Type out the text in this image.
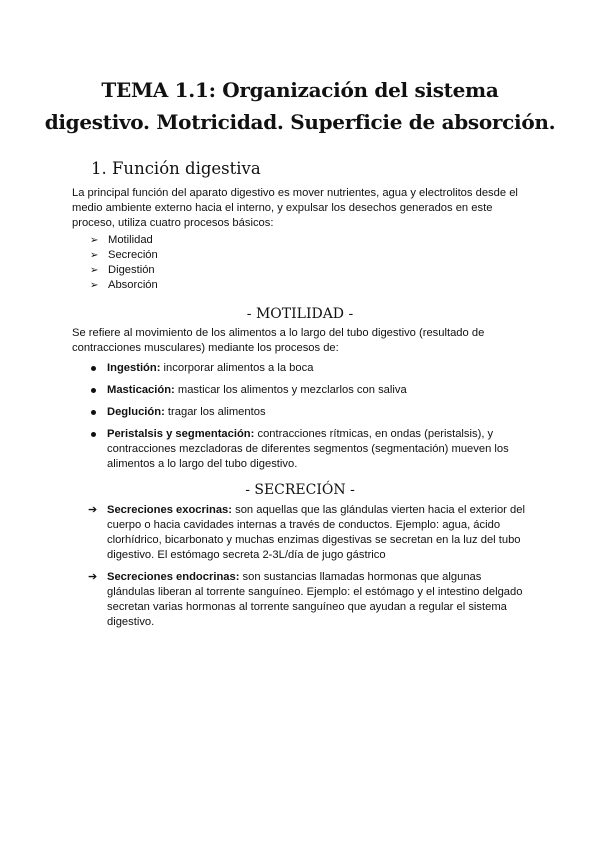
TEMA 1.1: Organización del sistema
digestivo. Motricidad. Superficie de absorción.
1. Función digestiva
La principal función del aparato digestivo es mover nutrientes, agua y electrolitos desde el
medio ambiente externo hacia el interno, y expulsar los desechos generados en este
proceso, utiliza cuatro procesos básicos:
➢ Motilidad
➢ Secreción
➢ Digestión
➢ Absorción
- MOTILIDAD -
Se refiere al movimiento de los alimentos a lo largo del tubo digestivo (resultado de
contracciones musculares) mediante los procesos de:
Ingestión: incorporar alimentos a la boca
Masticación: masticar los alimentos y mezclarlos con saliva
Deglución: tragar los alimentos
Peristalsis y segmentación: contracciones rítmicas, en ondas (peristalsis), y
contracciones mezcladoras de diferentes segmentos (segmentación) mueven los
alimentos a lo largo del tubo digestivo.
- SECRECIÓN -
➔ Secreciones exocrinas: son aquellas que las glándulas vierten hacia el exterior del
cuerpo o hacia cavidades internas a través de conductos. Ejemplo: agua, ácido
clorhídrico, bicarbonato y muchas enzimas digestivas se secretan en la luz del tubo
digestivo. El estómago secreta 2-3L/día de jugo gástrico
➔ Secreciones endocrinas: son sustancias llamadas hormonas que algunas
glándulas liberan al torrente sanguíneo. Ejemplo: el estómago y el intestino delgado
secretan varias hormonas al torrente sanguíneo que ayudan a regular el sistema
digestivo.
